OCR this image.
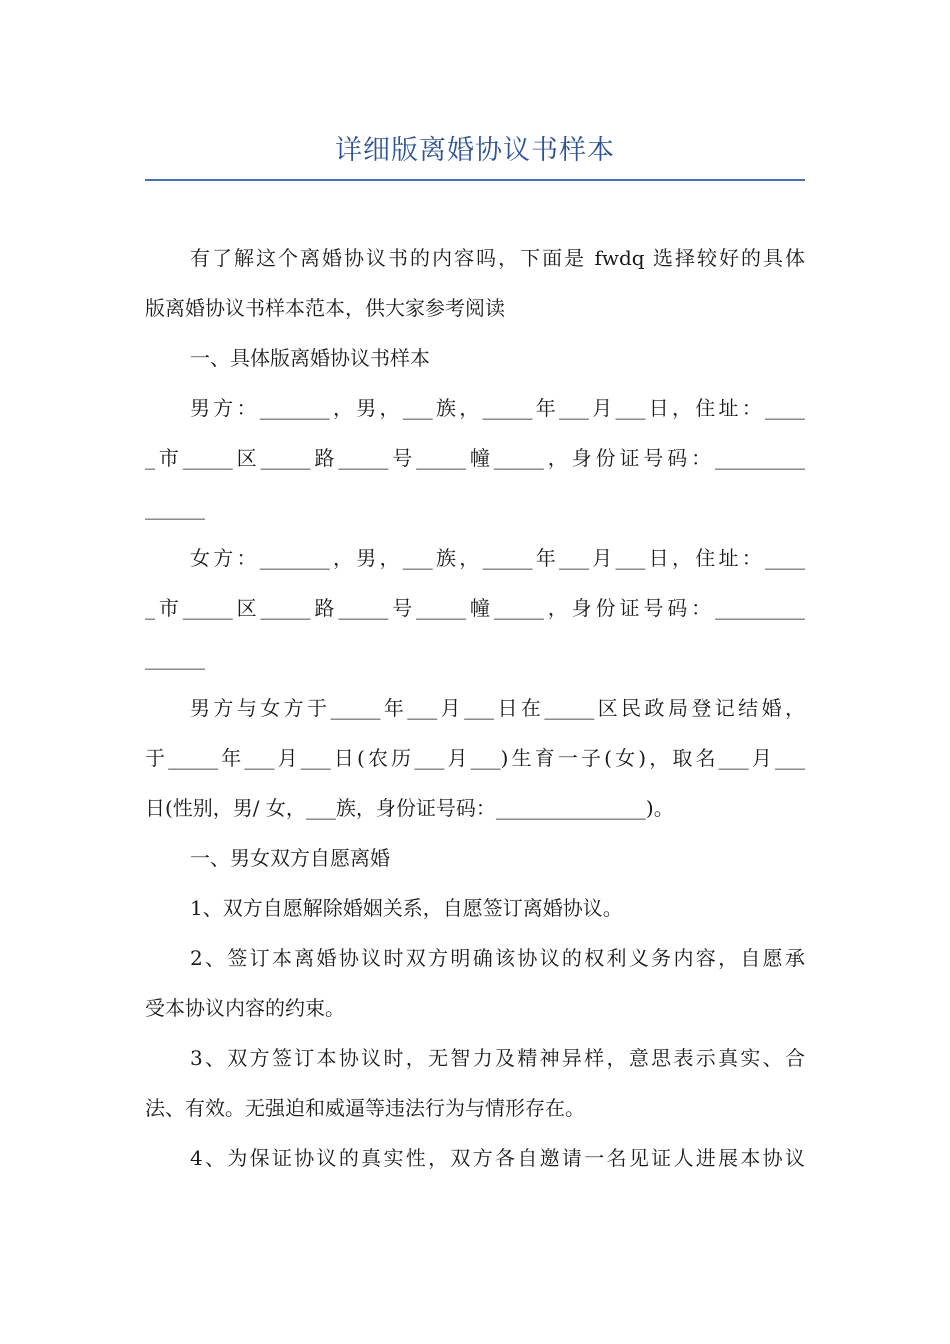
详细版离婚协议书样本
有了解这个离婚协议书的内容吗，下面是 fwdq 选择较好的具体
版离婚协议书样本范本，供大家参考阅读
一、具体版离婚协议书样本
男方：_______，男，___族，_____年___月___日，住址：____
_市_____区_____路_____号_____幢_____，身份证号码：_________
______
女方：_______，男，___族，_____年___月___日，住址：____
_市_____区_____路_____号_____幢_____，身份证号码：_________
______
男方与女方于_____年___月___日在_____区民政局登记结婚，
于_____年___月___日(农历___月___)生育一子(女)，取名___月___
日(性别，男/ 女，___族，身份证号码：_______________)。
一、男女双方自愿离婚
1、双方自愿解除婚姻关系，自愿签订离婚协议。
2、签订本离婚协议时双方明确该协议的权利义务内容，自愿承
受本协议内容的约束。
3、双方签订本协议时，无智力及精神异样，意思表示真实、合
法、有效。无强迫和威逼等违法行为与情形存在。
4、为保证协议的真实性，双方各自邀请一名见证人进展本协议
